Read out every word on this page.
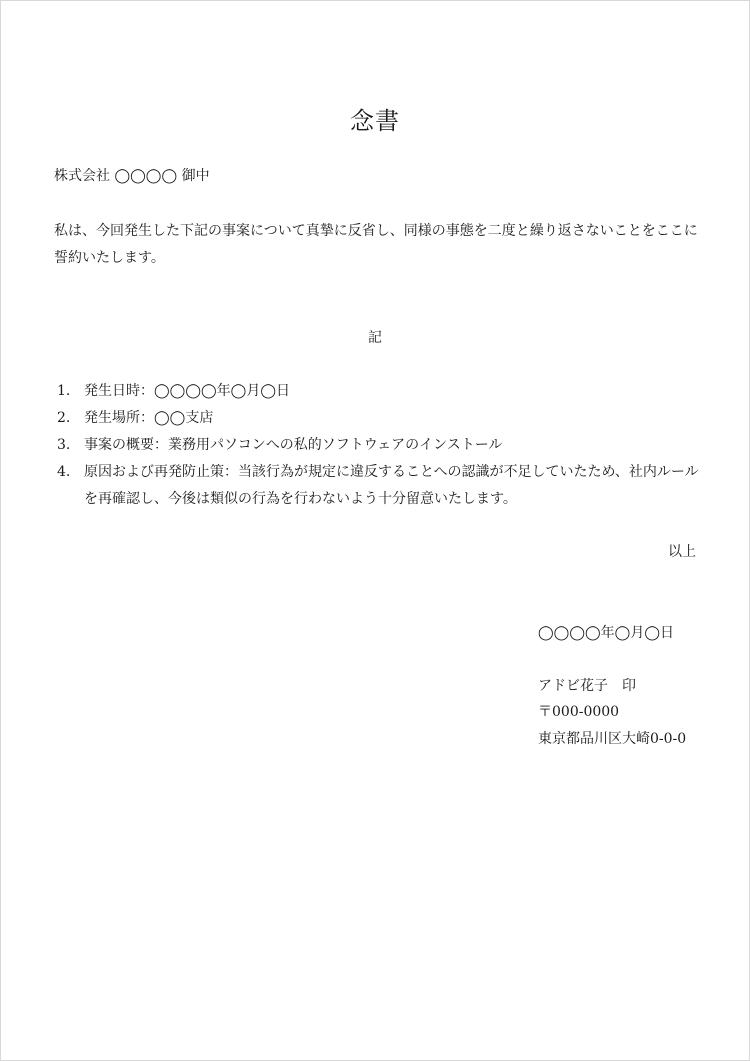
念書
株式会社 ◯◯◯◯ 御中
私は、今回発生した下記の事案について真摯に反省し、同様の事態を二度と繰り返さないことをここに誓約いたします。
記
1. 発生日時：◯◯◯◯年◯月◯日
2. 発生場所：◯◯支店
3. 事案の概要：業務用パソコンへの私的ソフトウェアのインストール
4. 原因および再発防止策：当該行為が規定に違反することへの認識が不足していたため、社内ルールを再確認し、今後は類似の行為を行わないよう十分留意いたします。
以上
◯◯◯◯年◯月◯日
アドビ花子　印
〒000-0000
東京都品川区大崎0-0-0
